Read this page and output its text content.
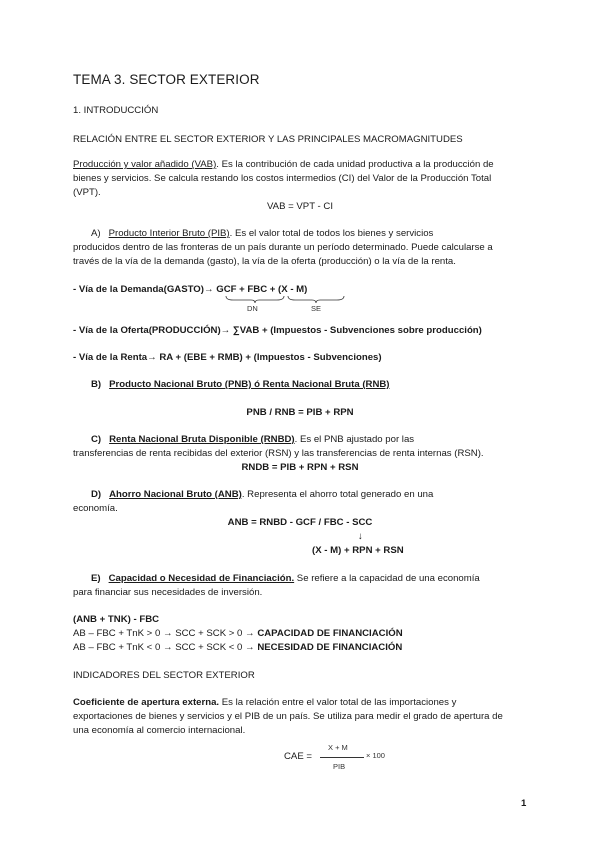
TEMA 3. SECTOR EXTERIOR
1. INTRODUCCIÓN
RELACIÓN ENTRE EL SECTOR EXTERIOR Y LAS PRINCIPALES MACROMAGNITUDES
Producción y valor añadido (VAB). Es la contribución de cada unidad productiva a la producción de
bienes y servicios. Se calcula restando los costos intermedios (CI) del Valor de la Producción Total
(VPT).
VAB = VPT - CI
A) Producto Interior Bruto (PIB). Es el valor total de todos los bienes y servicios
producidos dentro de las fronteras de un país durante un período determinado. Puede calcularse a
través de la vía de la demanda (gasto), la vía de la oferta (producción) o la vía de la renta.
- Vía de la Demanda(GASTO)→ GCF + FBC + (X - M)
DN	SE
- Vía de la Oferta(PRODUCCIÓN)→ ∑VAB + (Impuestos - Subvenciones sobre producción)
- Vía de la Renta→ RA + (EBE + RMB) + (Impuestos - Subvenciones)
B) Producto Nacional Bruto (PNB) ó Renta Nacional Bruta (RNB)
PNB / RNB = PIB + RPN
C) Renta Nacional Bruta Disponible (RNBD). Es el PNB ajustado por las
transferencias de renta recibidas del exterior (RSN) y las transferencias de renta internas (RSN).
RNDB = PIB + RPN + RSN
D) Ahorro Nacional Bruto (ANB). Representa el ahorro total generado en una
economía.
ANB = RNBD - GCF / FBC - SCC
↓
(X - M) + RPN + RSN
E) Capacidad o Necesidad de Financiación. Se refiere a la capacidad de una economía
para financiar sus necesidades de inversión.
(ANB + TNK) - FBC
AB – FBC + TnK > 0 → SCC + SCK > 0 → CAPACIDAD DE FINANCIACIÓN
AB – FBC + TnK < 0 → SCC + SCK < 0 → NECESIDAD DE FINANCIACIÓN
INDICADORES DEL SECTOR EXTERIOR
Coeficiente de apertura externa. Es la relación entre el valor total de las importaciones y
exportaciones de bienes y servicios y el PIB de un país. Se utiliza para medir el grado de apertura de
una economía al comercio internacional.
CAE =
X + M
PIB
× 100
1
